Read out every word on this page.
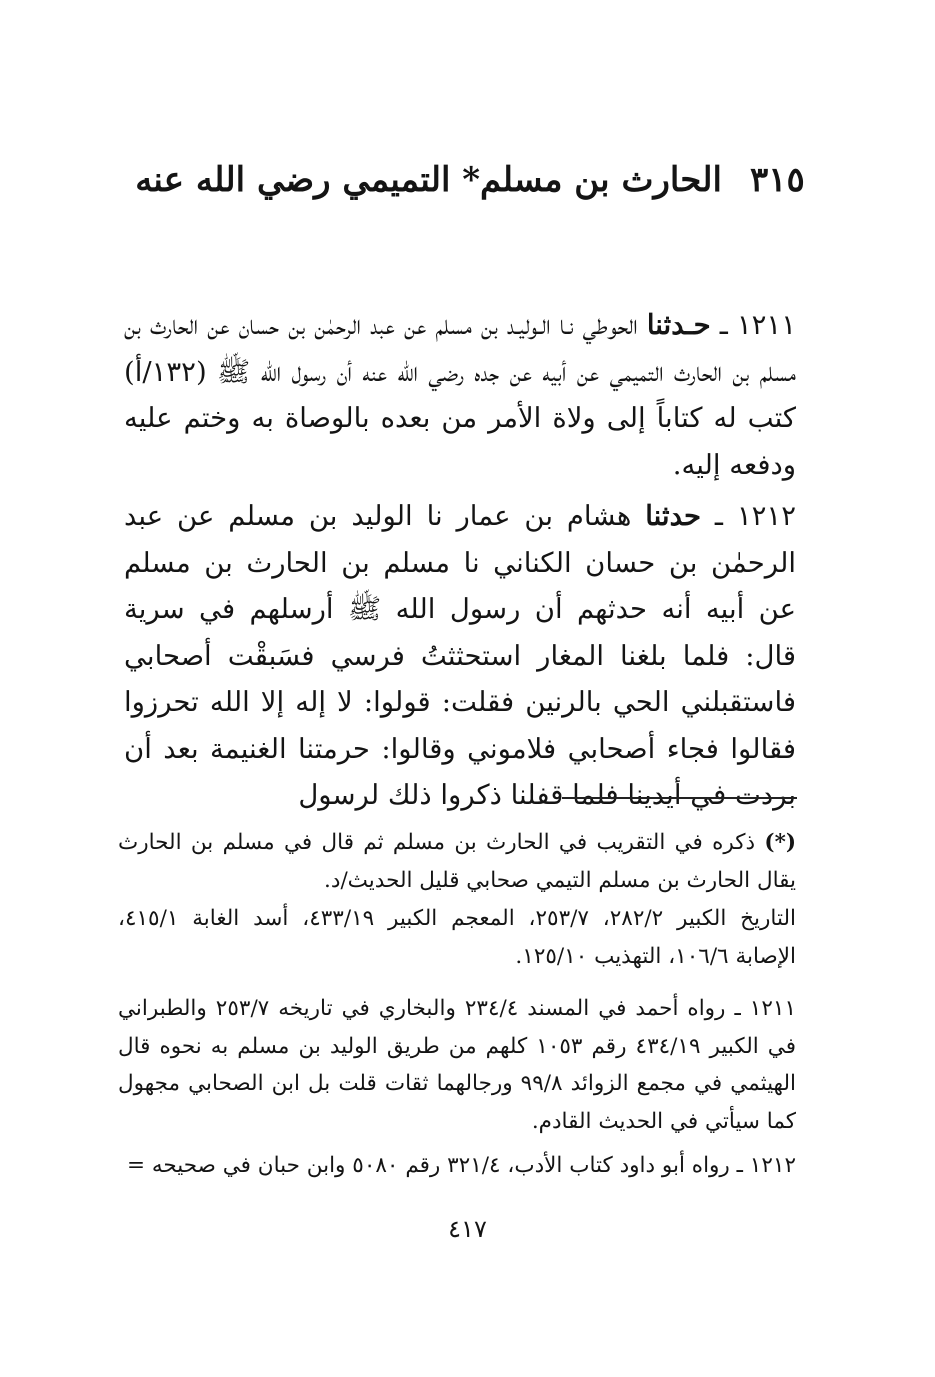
٣١٥الحارث بن مسلم* التميمي رضي الله عنه
١٢١١ ـ حـدثنا الحوطي نـا الـوليـد بن مسلم عن عبد الرحمٰن بن حسان عن الحارث بن مسلم بن الحارث التميمي عن أبيه عن جده رضي الله عنه أن رسول الله ﷺ (١٣٢/أ) كتب له كتاباً إلى ولاة الأمر من بعده بالوصاة به وختم عليه ودفعه إليه.
١٢١٢ ـ حدثنا هشام بن عمار نا الوليد بن مسلم عن عبد الرحمٰن بن حسان الكناني نا مسلم بن الحارث بن مسلم عن أبيه أنه حدثهم أن رسول الله ﷺ أرسلهم في سرية قال: فلما بلغنا المغار استحثثتُ فرسي فسَبقْت أصحابي فاستقبلني الحي بالرنين فقلت: قولوا: لا إله إلا الله تحرزوا فقالوا فجاء أصحابي فلاموني وقالوا: حرمتنا الغنيمة بعد أن بردت في أيدينا فلما قفلنا ذكروا ذلك لرسول
(*) ذكره في التقريب في الحارث بن مسلم ثم قال في مسلم بن الحارث يقال الحارث بن مسلم التيمي صحابي قليل الحديث/د.
التاريخ الكبير ٢٨٢/٢، ٢٥٣/٧، المعجم الكبير ٤٣٣/١٩، أسد الغابة ٤١٥/١، الإصابة ١٠٦/٦، التهذيب ١٢٥/١٠.
١٢١١ ـ رواه أحمد في المسند ٢٣٤/٤ والبخاري في تاريخه ٢٥٣/٧ والطبراني في الكبير ٤٣٤/١٩ رقم ١٠٥٣ كلهم من طريق الوليد بن مسلم به نحوه قال الهيثمي في مجمع الزوائد ٩٩/٨ ورجالهما ثقات قلت بل ابن الصحابي مجهول كما سيأتي في الحديث القادم.
١٢١٢ ـ رواه أبو داود كتاب الأدب، ٣٢١/٤ رقم ٥٠٨٠ وابن حبان في صحيحه =
٤١٧
